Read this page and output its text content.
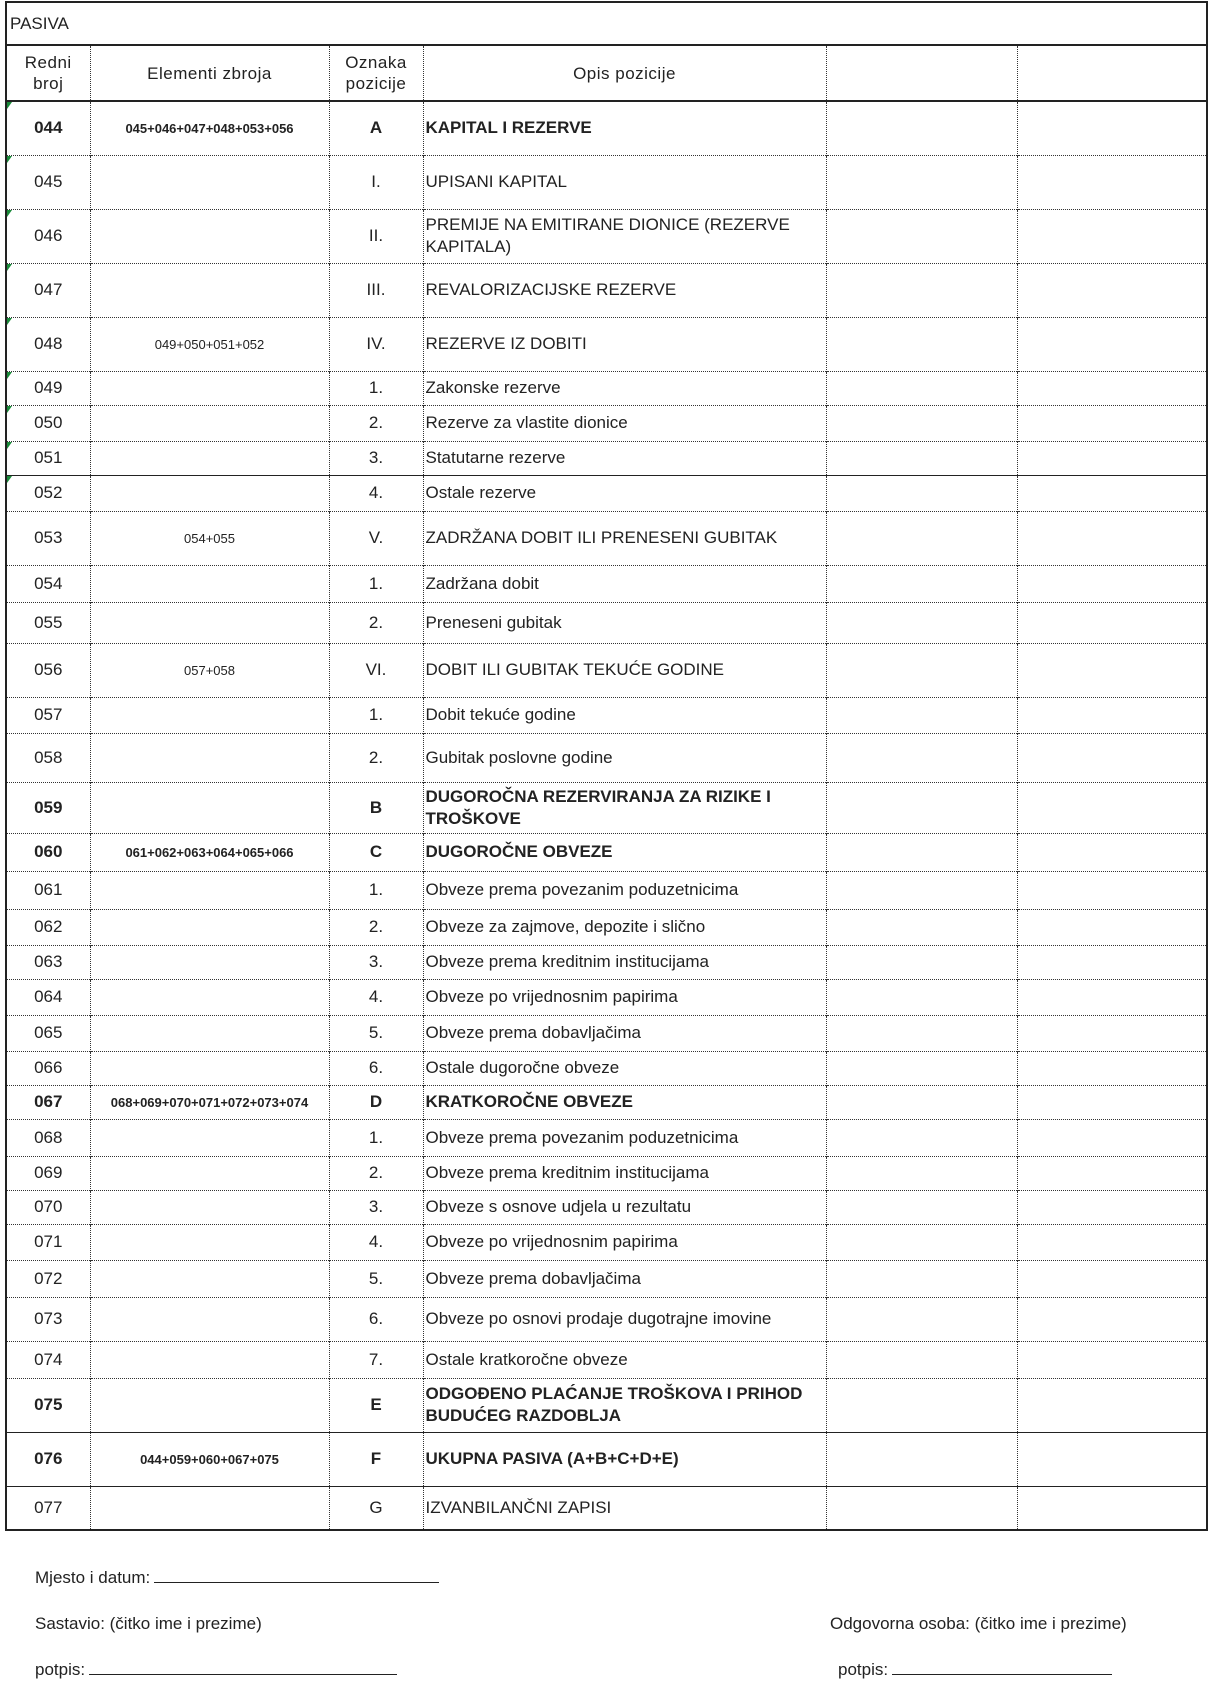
PASIVA					
Redni broj	Elementi zbroja	Oznaka pozicije	Opis pozicije		
044	045+046+047+048+053+056	A	KAPITAL I REZERVE		
045		I.	UPISANI KAPITAL		
046		II.	PREMIJE NA EMITIRANE DIONICE (REZERVE KAPITALA)		
047		III.	REVALORIZACIJSKE REZERVE		
048	049+050+051+052	IV.	REZERVE IZ DOBITI		
049		1.	Zakonske rezerve		
050		2.	Rezerve za vlastite dionice		
051		3.	Statutarne rezerve		
052		4.	Ostale rezerve		
053	054+055	V.	ZADRŽANA DOBIT ILI PRENESENI GUBITAK		
054		1.	Zadržana dobit		
055		2.	Preneseni gubitak		
056	057+058	VI.	DOBIT ILI GUBITAK TEKUĆE GODINE		
057		1.	Dobit tekuće godine		
058		2.	Gubitak poslovne godine		
059		B	DUGOROČNA REZERVIRANJA ZA RIZIKE I TROŠKOVE		
060	061+062+063+064+065+066	C	DUGOROČNE OBVEZE		
061		1.	Obveze prema povezanim poduzetnicima		
062		2.	Obveze za zajmove, depozite i slično		
063		3.	Obveze prema kreditnim institucijama		
064		4.	Obveze po vrijednosnim papirima		
065		5.	Obveze prema dobavljačima		
066		6.	Ostale dugoročne obveze		
067	068+069+070+071+072+073+074	D	KRATKOROČNE OBVEZE		
068		1.	Obveze prema povezanim poduzetnicima		
069		2.	Obveze prema kreditnim institucijama		
070		3.	Obveze s osnove udjela u rezultatu		
071		4.	Obveze po vrijednosnim papirima		
072		5.	Obveze prema dobavljačima		
073		6.	Obveze po osnovi prodaje dugotrajne imovine		
074		7.	Ostale kratkoročne obveze		
075		E	ODGOĐENO PLAĆANJE TROŠKOVA I PRIHOD BUDUĆEG RAZDOBLJA		
076	044+059+060+067+075	F	UKUPNA PASIVA (A+B+C+D+E)		
077		G	IZVANBILANČNI ZAPISI		
Mjesto i datum:
Sastavio: (čitko ime i prezime)	Odgovorna osoba: (čitko ime i prezime)
potpis:	potpis:
